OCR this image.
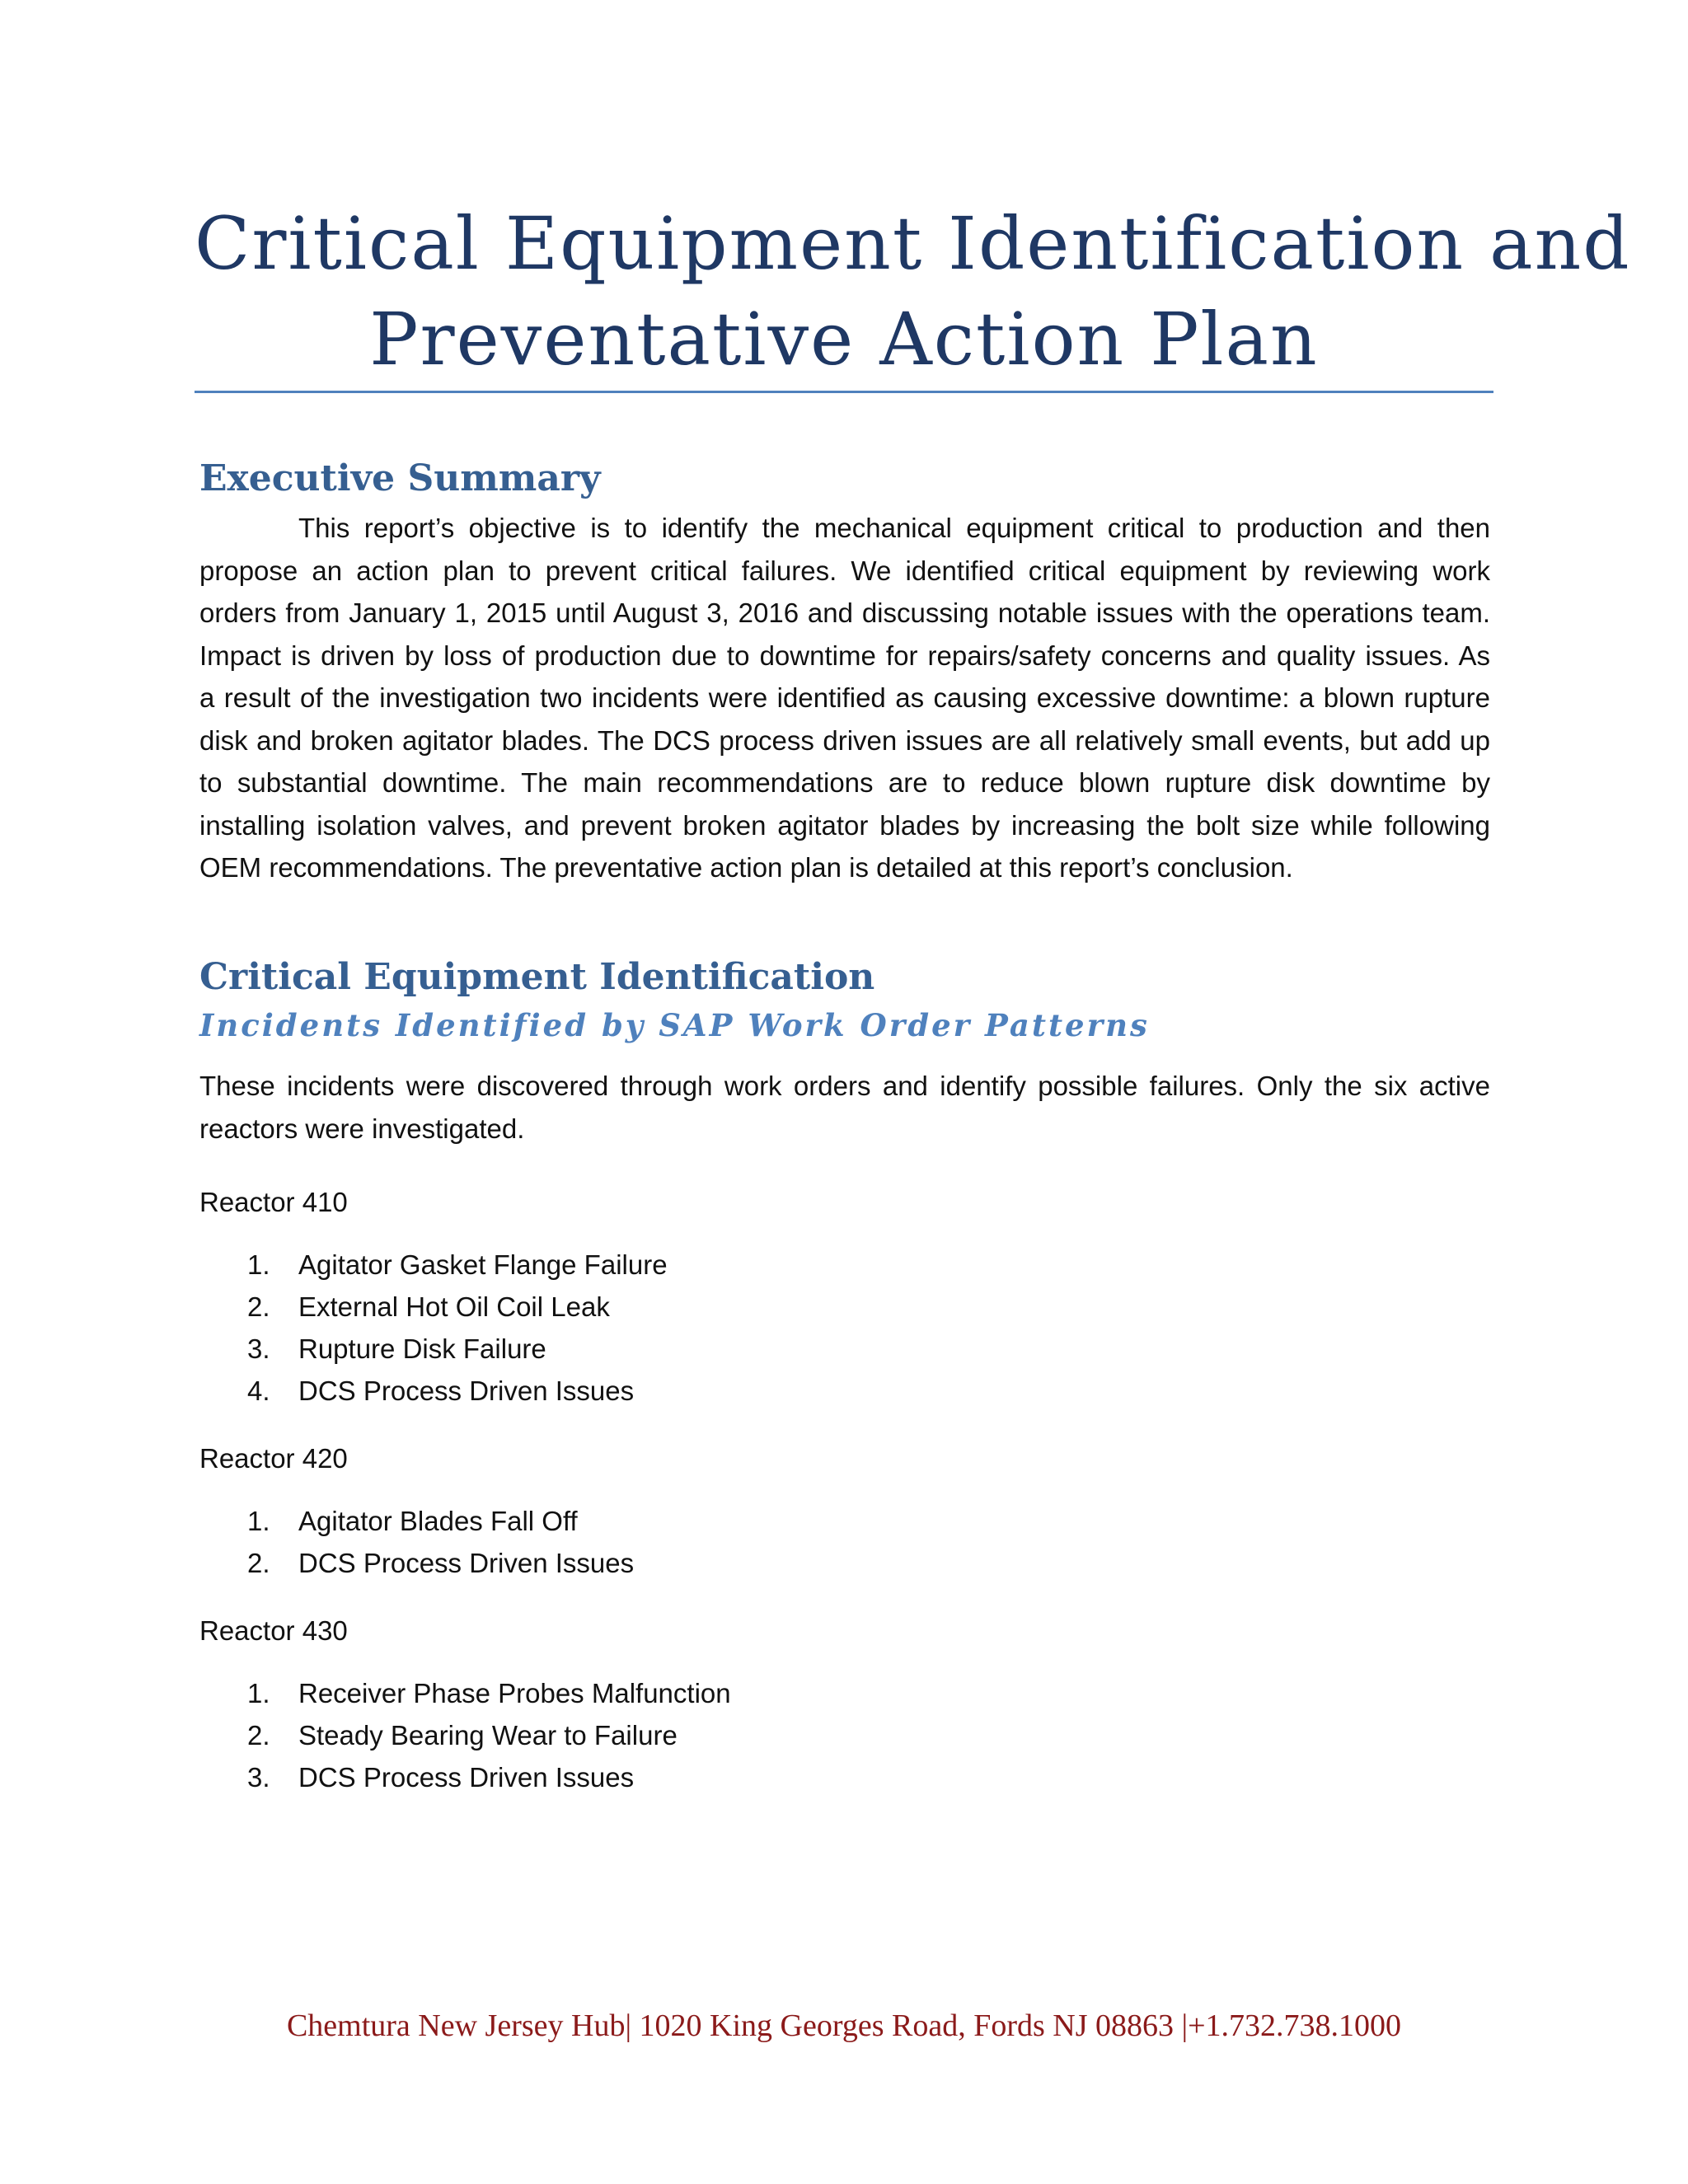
Critical Equipment Identification and
Preventative Action Plan
Executive Summary

This report’s objective is to identify the mechanical equipment critical to production and then
propose an action plan to prevent critical failures. We identified critical equipment by reviewing work
orders from January 1, 2015 until August 3, 2016 and discussing notable issues with the operations team.
Impact is driven by loss of production due to downtime for repairs/safety concerns and quality issues. As
a result of the investigation two incidents were identified as causing excessive downtime: a blown rupture
disk and broken agitator blades. The DCS process driven issues are all relatively small events, but add up
to substantial downtime. The main recommendations are to reduce blown rupture disk downtime by
installing isolation valves, and prevent broken agitator blades by increasing the bolt size while following
OEM recommendations. The preventative action plan is detailed at this report’s conclusion.

Critical Equipment Identification
Incidents Identified by SAP Work Order Patterns

These incidents were discovered through work orders and identify possible failures. Only the six active
reactors were investigated.

Reactor 410

1. Agitator Gasket Flange Failure
2. External Hot Oil Coil Leak
3. Rupture Disk Failure
4. DCS Process Driven Issues

Reactor 420

1. Agitator Blades Fall Off
2. DCS Process Driven Issues

Reactor 430

1. Receiver Phase Probes Malfunction
2. Steady Bearing Wear to Failure
3. DCS Process Driven Issues

Chemtura New Jersey Hub| 1020 King Georges Road, Fords NJ 08863 |+1.732.738.1000
